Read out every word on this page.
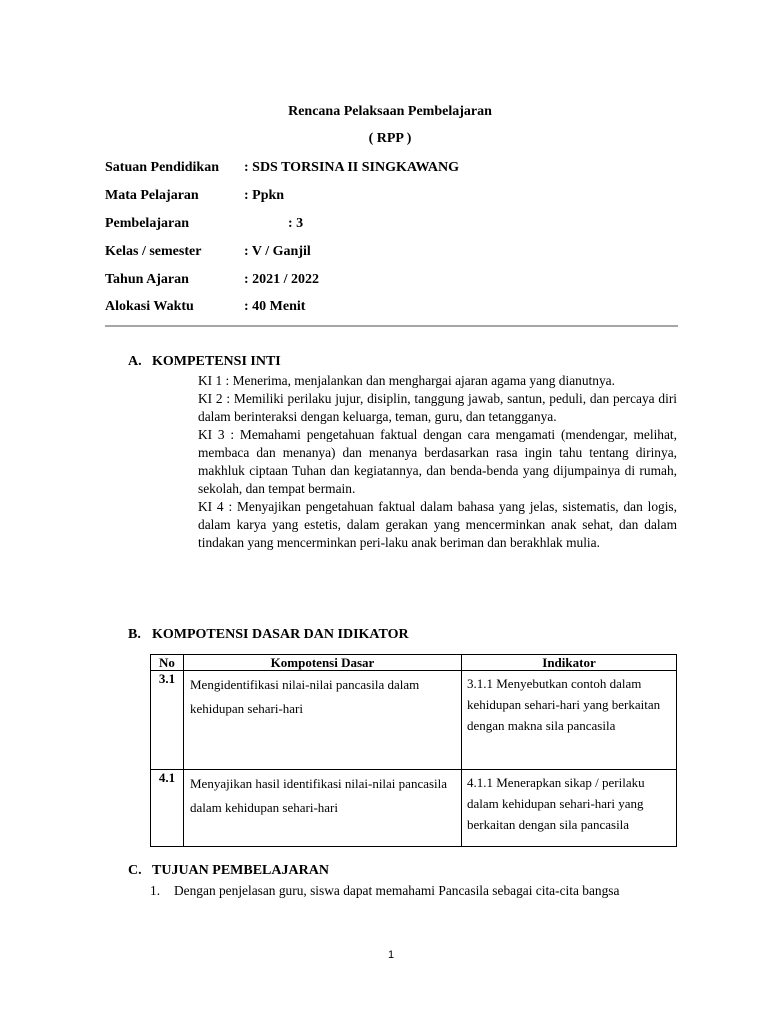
Rencana Pelaksaan Pembelajaran
( RPP )
Satuan Pendidikan : SDS TORSINA II SINGKAWANG
Mata Pelajaran	: Ppkn
Pembelajaran	: 3
Kelas / semester	: V / Ganjil
Tahun Ajaran	: 2021 / 2022
Alokasi Waktu	: 40 Menit
A. KOMPETENSI INTI

KI 1 : Menerima, menjalankan dan menghargai ajaran agama yang dianutnya.

KI 2 : Memiliki perilaku jujur, disiplin, tanggung jawab, santun, peduli, dan percaya diri dalam berinteraksi dengan keluarga, teman, guru, dan tetangganya.

KI 3 : Memahami pengetahuan faktual dengan cara mengamati (mendengar, melihat, membaca dan menanya) dan menanya berdasarkan rasa ingin tahu tentang dirinya, makhluk ciptaan Tuhan dan kegiatannya, dan benda-benda yang dijumpainya di rumah, sekolah, dan tempat bermain.

KI 4 : Menyajikan pengetahuan faktual dalam bahasa yang jelas, sistematis, dan logis, dalam karya yang estetis, dalam gerakan yang mencerminkan anak sehat, dan dalam tindakan yang mencerminkan peri-laku anak beriman dan berakhlak mulia.

B. KOMPOTENSI DASAR DAN IDIKATOR
No	Kompotensi Dasar	Indikator
3.1	Mengidentifikasi nilai-nilai pancasila dalam kehidupan sehari-hari	3.1.1 Menyebutkan contoh dalam kehidupan sehari-hari yang berkaitan dengan makna sila pancasila
4.1	Menyajikan hasil identifikasi nilai-nilai pancasila dalam kehidupan sehari-hari	4.1.1 Menerapkan sikap / perilaku dalam kehidupan sehari-hari yang berkaitan dengan sila pancasila
C. TUJUAN PEMBELAJARAN
1. Dengan penjelasan guru, siswa dapat memahami Pancasila sebagai cita-cita bangsa
1
